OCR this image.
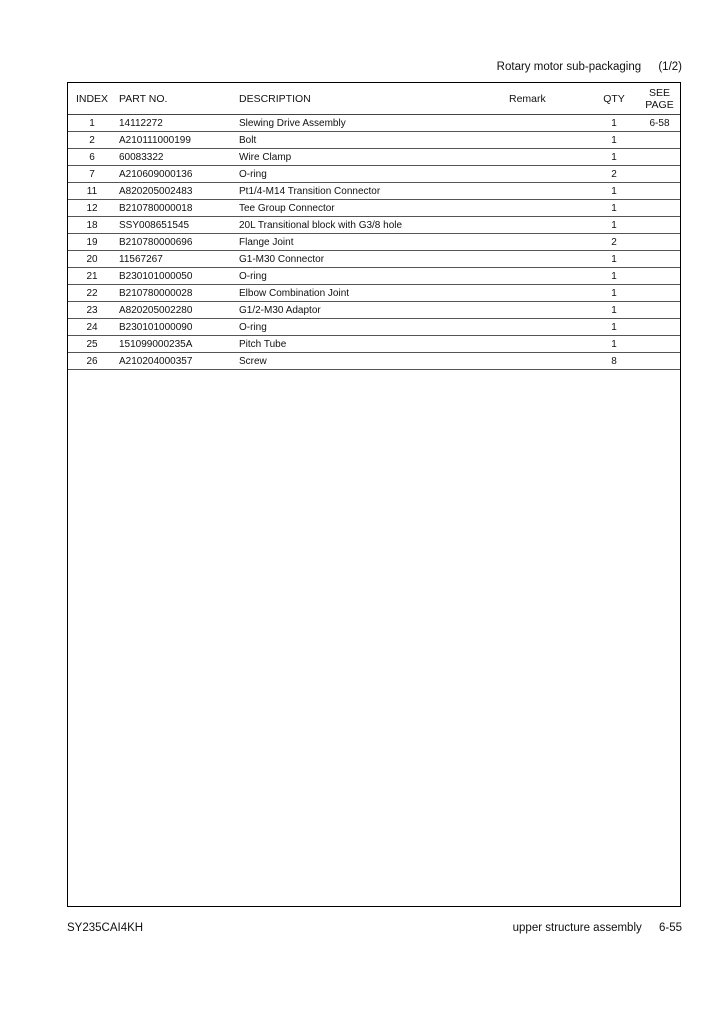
Rotary motor sub-packaging (1/2)
INDEX	PART NO.	DESCRIPTION	Remark	QTY	SEE
PAGE
1	14112272	Slewing Drive Assembly		1	6-58
2	A210111000199	Bolt		1	
6	60083322	Wire Clamp		1	
7	A210609000136	O-ring		2	
11	A820205002483	Pt1/4-M14 Transition Connector		1	
12	B210780000018	Tee Group Connector		1	
18	SSY008651545	20L Transitional block with G3/8 hole		1	
19	B210780000696	Flange Joint		2	
20	11567267	G1-M30 Connector		1	
21	B230101000050	O-ring		1	
22	B210780000028	Elbow Combination Joint		1	
23	A820205002280	G1/2-M30 Adaptor		1	
24	B230101000090	O-ring		1	
25	151099000235A	Pitch Tube		1	
26	A210204000357	Screw		8	
SY235CAI4KH	upper structure assembly 6-55
